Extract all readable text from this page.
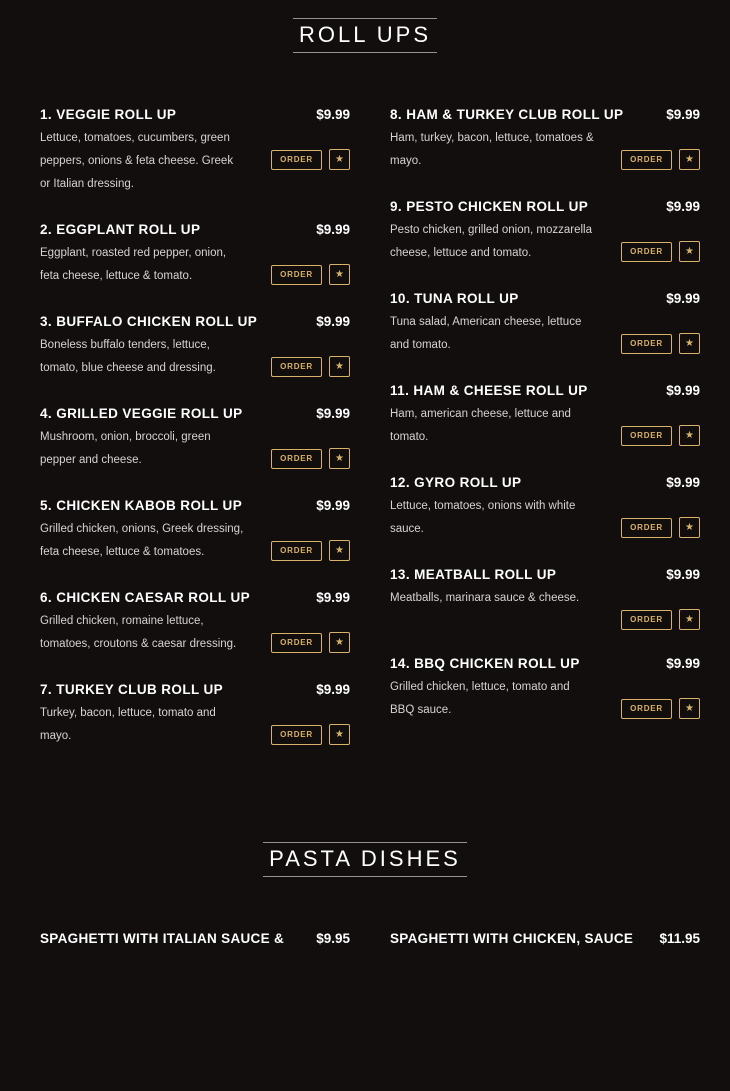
ROLL UPS
1. VEGGIE ROLL UP	$9.99
Lettuce, tomatoes, cucumbers, green peppers, onions & feta cheese. Greek or Italian dressing.
ORDER	★
2. EGGPLANT ROLL UP	$9.99
Eggplant, roasted red pepper, onion, feta cheese, lettuce & tomato.	ORDER	★
3. BUFFALO CHICKEN ROLL UP	$9.99
Boneless buffalo tenders, lettuce, tomato, blue cheese and dressing.	ORDER	★
4. GRILLED VEGGIE ROLL UP	$9.99
Mushroom, onion, broccoli, green pepper and cheese.	ORDER	★
5. CHICKEN KABOB ROLL UP	$9.99
Grilled chicken, onions, Greek dressing, feta cheese, lettuce & tomatoes.	ORDER	★
6. CHICKEN CAESAR ROLL UP	$9.99
Grilled chicken, romaine lettuce, tomatoes, croutons & caesar dressing.	ORDER	★
7. TURKEY CLUB ROLL UP	$9.99
Turkey, bacon, lettuce, tomato and mayo.	ORDER	★
8. HAM & TURKEY CLUB ROLL UP	$9.99
Ham, turkey, bacon, lettuce, tomatoes & mayo.	ORDER	★
9. PESTO CHICKEN ROLL UP	$9.99
Pesto chicken, grilled onion, mozzarella cheese, lettuce and tomato.	ORDER	★
10. TUNA ROLL UP	$9.99
Tuna salad, American cheese, lettuce and tomato.	ORDER	★
11. HAM & CHEESE ROLL UP	$9.99
Ham, american cheese, lettuce and tomato.	ORDER	★
12. GYRO ROLL UP	$9.99
Lettuce, tomatoes, onions with white sauce.	ORDER	★
13. MEATBALL ROLL UP	$9.99
Meatballs, marinara sauce & cheese.
ORDER	★
14. BBQ CHICKEN ROLL UP	$9.99
Grilled chicken, lettuce, tomato and BBQ sauce.	ORDER	★
PASTA DISHES
SPAGHETTI WITH ITALIAN SAUCE &	$9.95	SPAGHETTI WITH CHICKEN, SAUCE	$11.95
